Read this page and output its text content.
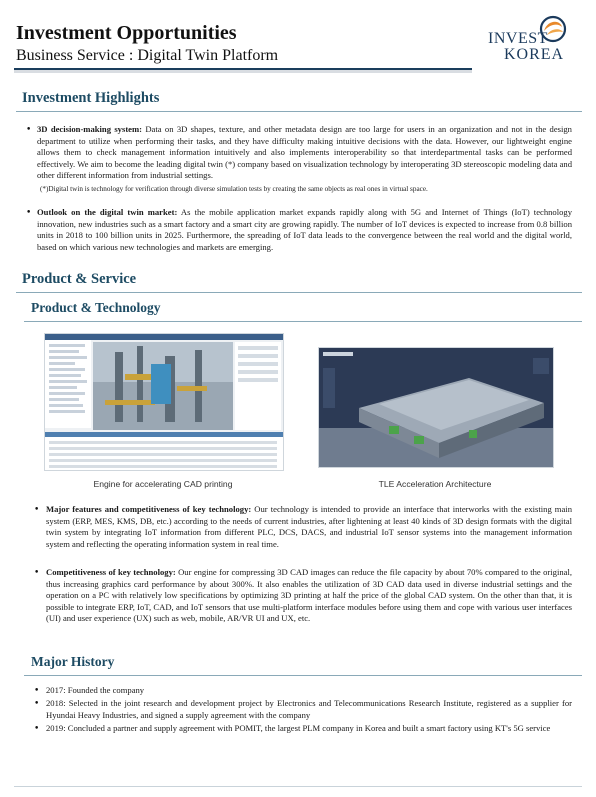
Investment Opportunities
Business Service : Digital Twin Platform
INVEST
KOREA
Investment Highlights
• 3D decision-making system: Data on 3D shapes, texture, and other metadata design are too large for users in an organization and not in the design department to utilize when performing their tasks, and they have difficulty making intuitive decisions with the data. However, our lightweight engine allows them to check management information intuitively and also implements interoperability so that interdepartmental tasks can be performed effectively. We aim to become the leading digital twin (*) company based on visualization technology by interoperating 3D stereoscopic modeling data and other different information from industrial settings.
(*)Digital twin is technology for verification through diverse simulation tests by creating the same objects as real ones in virtual space.
• Outlook on the digital twin market: As the mobile application market expands rapidly along with 5G and Internet of Things (IoT) technology innovation, new industries such as a smart factory and a smart city are growing rapidly. The number of IoT devices is expected to increase from 0.8 billion units in 2018 to 100 billion units in 2025. Furthermore, the spreading of IoT data leads to the convergence between the real world and the digital world, based on which various new technologies and markets are emerging.
Product & Service
Product & Technology
Engine for accelerating CAD printing	TLE Acceleration Architecture
• Major features and competitiveness of key technology: Our technology is intended to provide an interface that interworks with the existing main system (ERP, MES, KMS, DB, etc.) according to the needs of current industries, after lightening at least 40 kinds of 3D design formats with the digital twin system by integrating IoT information from different PLC, DCS, DACS, and industrial IoT sensor systems into the management information system and reflecting the operating information system in real time.
• Competitiveness of key technology: Our engine for compressing 3D CAD images can reduce the file capacity by about 70% compared to the original, thus increasing graphics card performance by about 300%. It also enables the utilization of 3D CAD data used in diverse industrial settings and the operation on a PC with relatively low specifications by optimizing 3D printing at half the price of the global CAD system. On the other than that, it is possible to integrate ERP, IoT, CAD, and IoT sensors that use multi-platform interface modules before using them and cope with various user interfaces (UI) and user experience (UX) such as web, mobile, AR/VR UI and UX, etc.
Major History
• 2017: Founded the company
• 2018: Selected in the joint research and development project by Electronics and Telecommunications Research Institute, registered as a supplier for Hyundai Heavy Industries, and signed a supply agreement with the company
• 2019: Concluded a partner and supply agreement with POMIT, the largest PLM company in Korea and built a smart factory using KT's 5G service
